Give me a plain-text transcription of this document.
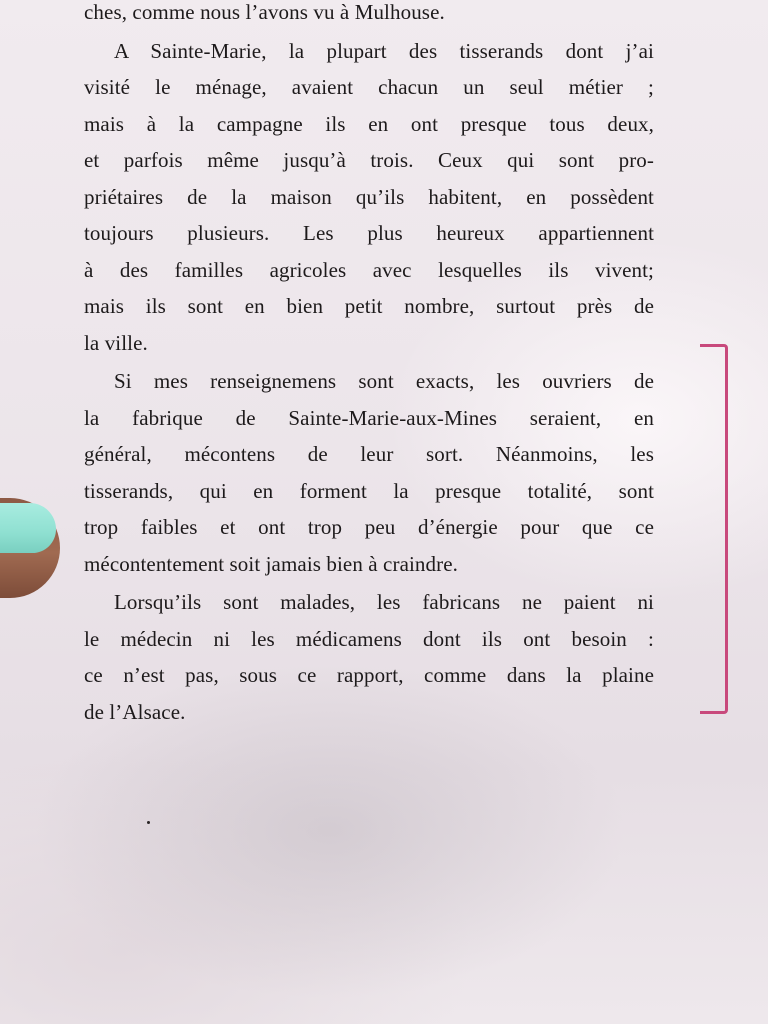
ches, comme nous l’avons vu à Mulhouse.

A Sainte-Marie, la plupart des tisserands dont j’ai
visité le ménage, avaient chacun un seul métier ;
mais à la campagne ils en ont presque tous deux,
et parfois même jusqu’à trois. Ceux qui sont pro-
priétaires de la maison qu’ils habitent, en possèdent
toujours plusieurs. Les plus heureux appartiennent
à des familles agricoles avec lesquelles ils vivent;
mais ils sont en bien petit nombre, surtout près de
la ville.

Si mes renseignemens sont exacts, les ouvriers de
la fabrique de Sainte-Marie-aux-Mines seraient, en
général, mécontens de leur sort. Néanmoins, les
tisserands, qui en forment la presque totalité, sont
trop faibles et ont trop peu d’énergie pour que ce
mécontentement soit jamais bien à craindre.

Lorsqu’ils sont malades, les fabricans ne paient ni
le médecin ni les médicamens dont ils ont besoin :
ce n’est pas, sous ce rapport, comme dans la plaine
de l’Alsace.
